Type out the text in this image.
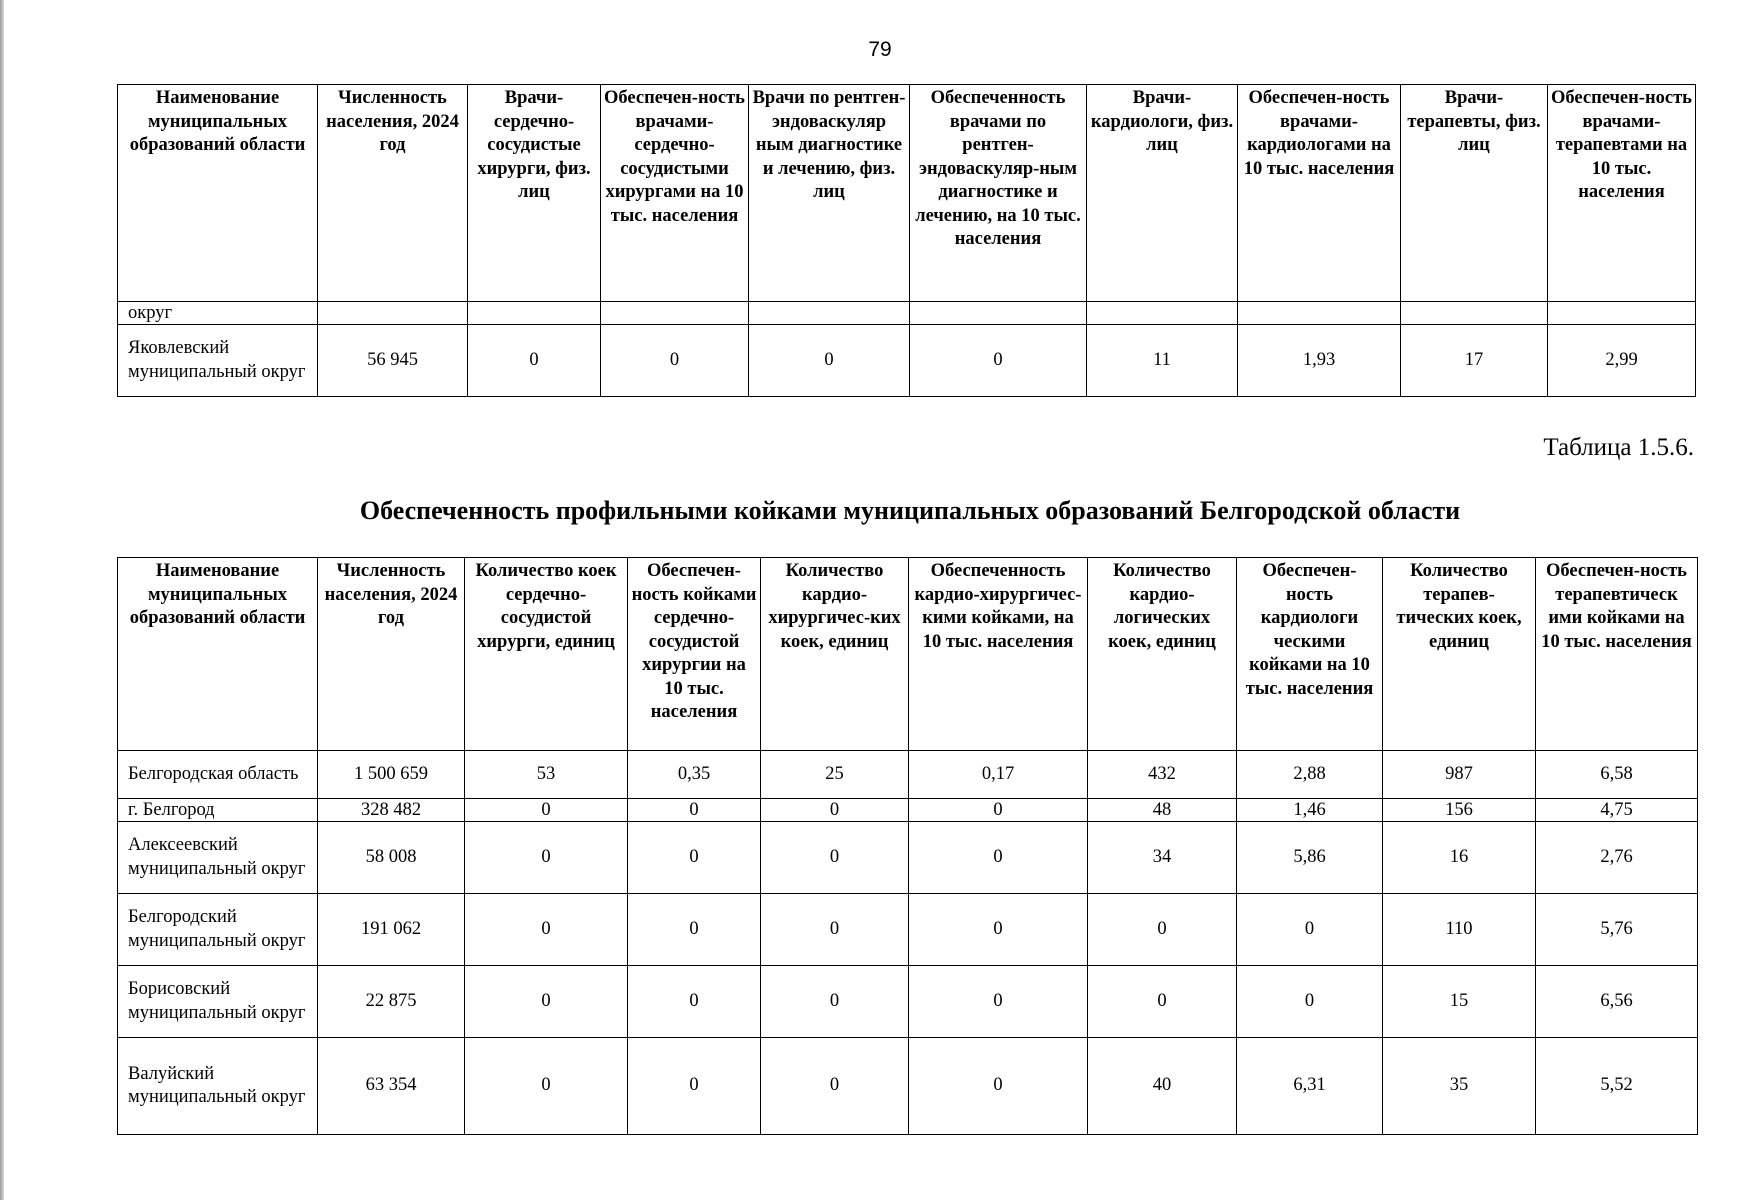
79
Наименование муниципальных образований области	Численность населения, 2024 год	Врачи-сердечно-сосудистые хирурги, физ. лиц	Обеспечен-ность врачами-сердечно-сосудистыми хирургами на 10 тыс. населения	Врачи по рентген-эндоваскуляр ным диагностике и лечению, физ. лиц	Обеспеченность врачами по рентген-эндоваскуляр-ным диагностике и лечению, на 10 тыс. населения	Врачи-кардиологи, физ. лиц	Обеспечен-ность врачами-кардиологами на 10 тыс. населения	Врачи-терапевты, физ. лиц	Обеспечен-ность врачами-терапевтами на 10 тыс. населения
округ									
Яковлевский муниципальный округ	56 945	0	0	0	0	11	1,93	17	2,99
Таблица 1.5.6.
Обеспеченность профильными койками муниципальных образований Белгородской области
Наименование муниципальных образований области	Численность населения, 2024 год	Количество коек сердечно-сосудистой хирурги, единиц	Обеспечен-ность койками сердечно-сосудистой хирургии на 10 тыс. населения	Количество кардио-хирургичес-ких коек, единиц	Обеспеченность кардио-хирургичес-кими койками, на 10 тыс. населения	Количество кардио-логических коек, единиц	Обеспечен-ность кардиологи ческими койками на 10 тыс. населения	Количество терапев-тических коек, единиц	Обеспечен-ность терапевтическ ими койками на 10 тыс. населения
Белгородская область	1 500 659	53	0,35	25	0,17	432	2,88	987	6,58
г. Белгород	328 482	0	0	0	0	48	1,46	156	4,75
Алексеевский муниципальный округ	58 008	0	0	0	0	34	5,86	16	2,76
Белгородский муниципальный округ	191 062	0	0	0	0	0	0	110	5,76
Борисовский муниципальный округ	22 875	0	0	0	0	0	0	15	6,56
Валуйский муниципальный округ	63 354	0	0	0	0	40	6,31	35	5,52
